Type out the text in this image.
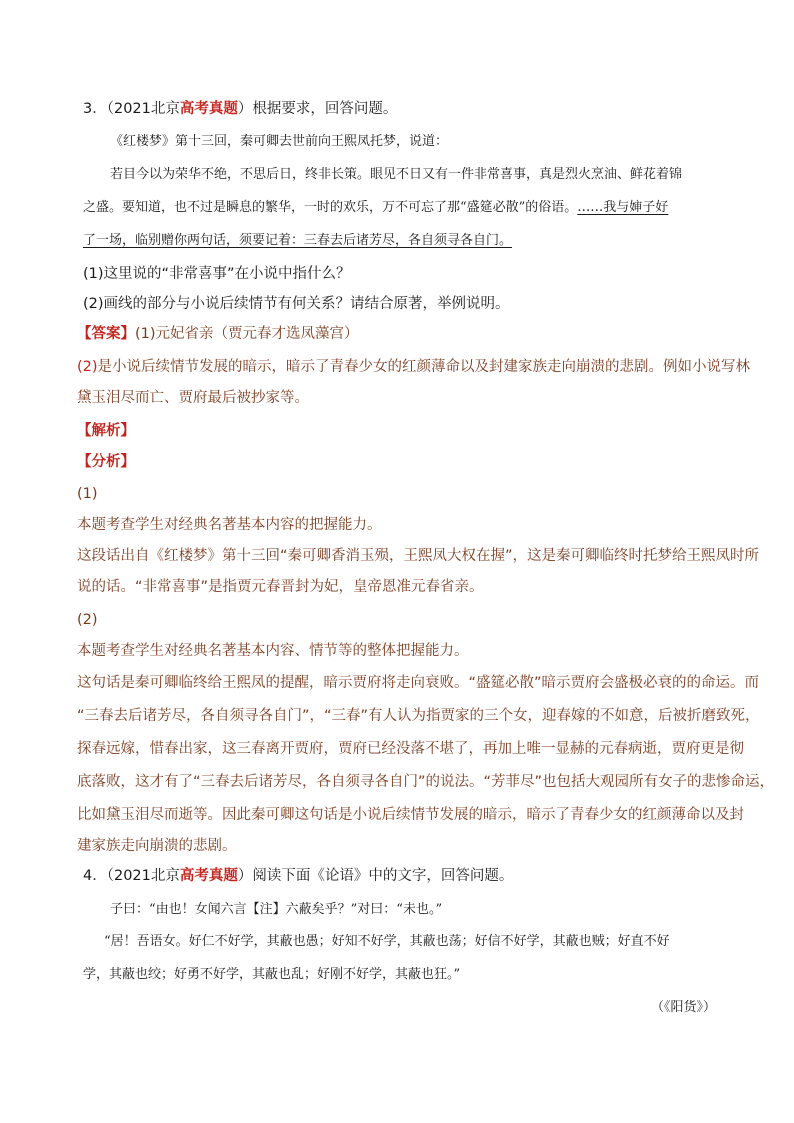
3．（2021北京高考真题）根据要求，回答问题。
《红楼梦》第十三回，秦可卿去世前向王熙凤托梦，说道：
若目今以为荣华不绝，不思后日，终非长策。眼见不日又有一件非常喜事，真是烈火烹油、鲜花着锦
之盛。要知道，也不过是瞬息的繁华，一时的欢乐，万不可忘了那“盛筵必散”的俗语。……我与婶子好
了一场，临别赠你两句话，须要记着：三春去后诸芳尽，各自须寻各自门。
(1)这里说的“非常喜事”在小说中指什么？
(2)画线的部分与小说后续情节有何关系？请结合原著，举例说明。
【答案】(1)元妃省亲（贾元春才选凤藻宫）
(2)是小说后续情节发展的暗示，暗示了青春少女的红颜薄命以及封建家族走向崩溃的悲剧。例如小说写林
黛玉泪尽而亡、贾府最后被抄家等。
【解析】
【分析】
(1)
本题考查学生对经典名著基本内容的把握能力。
这段话出自《红楼梦》第十三回“秦可卿香消玉殒，王熙凤大权在握”，这是秦可卿临终时托梦给王熙凤时所
说的话。“非常喜事”是指贾元春晋封为妃，皇帝恩准元春省亲。
(2)
本题考查学生对经典名著基本内容、情节等的整体把握能力。
这句话是秦可卿临终给王熙凤的提醒，暗示贾府将走向衰败。“盛筵必散”暗示贾府会盛极必衰的的命运。而
“三春去后诸芳尽，各自须寻各自门”，“三春”有人认为指贾家的三个女，迎春嫁的不如意，后被折磨致死，
探春远嫁，惜春出家，这三春离开贾府，贾府已经没落不堪了，再加上唯一显赫的元春病逝，贾府更是彻
底落败，这才有了“三春去后诸芳尽，各自须寻各自门”的说法。“芳菲尽”也包括大观园所有女子的悲惨命运，
比如黛玉泪尽而逝等。因此秦可卿这句话是小说后续情节发展的暗示，暗示了青春少女的红颜薄命以及封
建家族走向崩溃的悲剧。
4．（2021北京高考真题）阅读下面《论语》中的文字，回答问题。
子曰：“由也！女闻六言【注】六蔽矣乎？”对曰：“未也。”
“居！吾语女。好仁不好学，其蔽也愚；好知不好学，其蔽也荡；好信不好学，其蔽也贼；好直不好
学，其蔽也绞；好勇不好学，其蔽也乱；好刚不好学，其蔽也狂。”
（《阳货》）
